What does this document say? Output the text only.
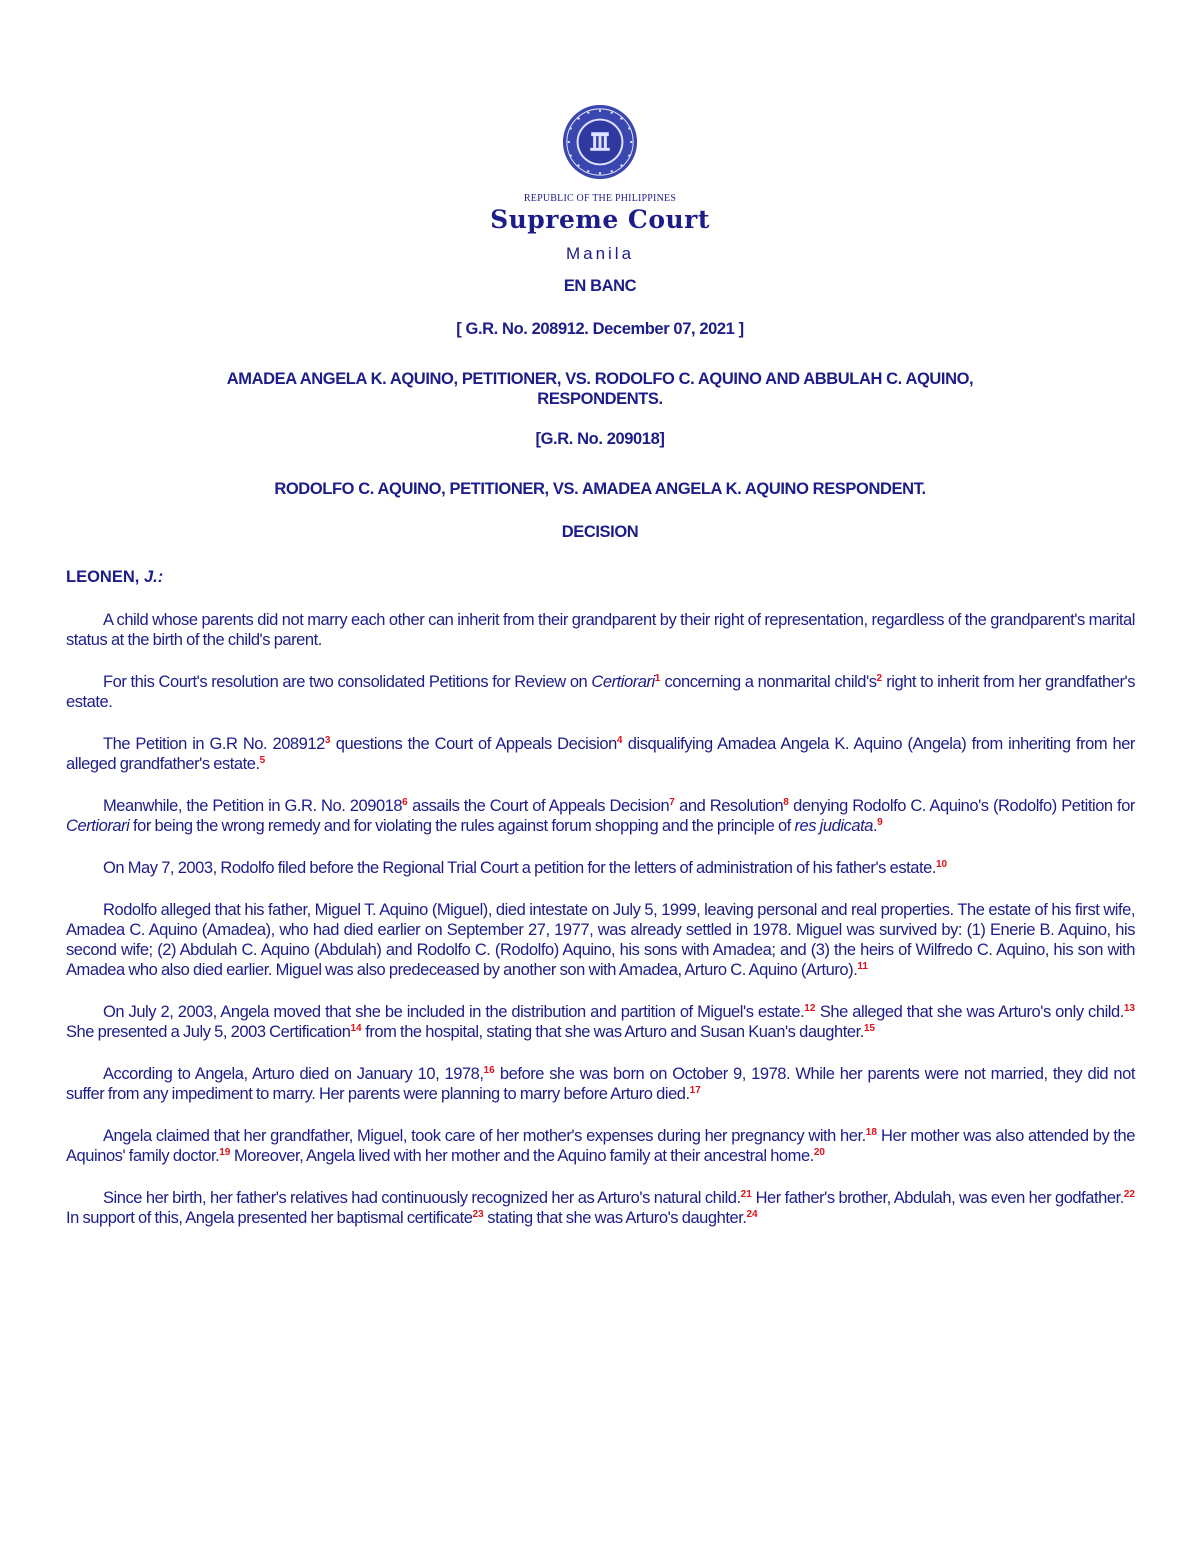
REPUBLIC OF THE PHILIPPINES
Supreme Court
Manila
EN BANC
[ G.R. No. 208912. December 07, 2021 ]
AMADEA ANGELA K. AQUINO, PETITIONER, VS. RODOLFO C. AQUINO AND ABBULAH C. AQUINO,
RESPONDENTS.
[G.R. No. 209018]
RODOLFO C. AQUINO, PETITIONER, VS. AMADEA ANGELA K. AQUINO RESPONDENT.
DECISION
LEONEN, J.:

A child whose parents did not marry each other can inherit from their grandparent by their right of representation, regardless of the grandparent's marital status at the birth of the child's parent.

For this Court's resolution are two consolidated Petitions for Review on Certiorari$^1$ concerning a nonmarital child's$^2$ right to inherit from her grandfather's estate.

The Petition in G.R No. 208912$^3$ questions the Court of Appeals Decision$^4$ disqualifying Amadea Angela K. Aquino (Angela) from inheriting from her alleged grandfather's estate.$^5$

Meanwhile, the Petition in G.R. No. 209018$^6$ assails the Court of Appeals Decision$^7$ and Resolution$^8$ denying Rodolfo C. Aquino's (Rodolfo) Petition for Certiorari for being the wrong remedy and for violating the rules against forum shopping and the principle of res judicata.$^9$

On May 7, 2003, Rodolfo filed before the Regional Trial Court a petition for the letters of administration of his father's estate.$^{10}$

Rodolfo alleged that his father, Miguel T. Aquino (Miguel), died intestate on July 5, 1999, leaving personal and real properties. The estate of his first wife, Amadea C. Aquino (Amadea), who had died earlier on September 27, 1977, was already settled in 1978. Miguel was survived by: (1) Enerie B. Aquino, his second wife; (2) Abdulah C. Aquino (Abdulah) and Rodolfo C. (Rodolfo) Aquino, his sons with Amadea; and (3) the heirs of Wilfredo C. Aquino, his son with Amadea who also died earlier. Miguel was also predeceased by another son with Amadea, Arturo C. Aquino (Arturo).$^{11}$

On July 2, 2003, Angela moved that she be included in the distribution and partition of Miguel's estate.$^{12}$ She alleged that she was Arturo's only child.$^{13}$ She presented a July 5, 2003 Certification$^{14}$ from the hospital, stating that she was Arturo and Susan Kuan's daughter.$^{15}$

According to Angela, Arturo died on January 10, 1978,16 before she was born on October 9, 1978. While her parents were not married, they did not suffer from any impediment to marry. Her parents were planning to marry before Arturo died.$^{17}$

Angela claimed that her grandfather, Miguel, took care of her mother's expenses during her pregnancy with her.$^{18}$ Her mother was also attended by the Aquinos' family doctor.$^{19}$ Moreover, Angela lived with her mother and the Aquino family at their ancestral home.$^{20}$

Since her birth, her father's relatives had continuously recognized her as Arturo's natural child.$^{21}$ Her father's brother, Abdulah, was even her godfather.$^{22}$ In support of this, Angela presented her baptismal certificate$^{23}$ stating that she was Arturo's daughter.$^{24}$
